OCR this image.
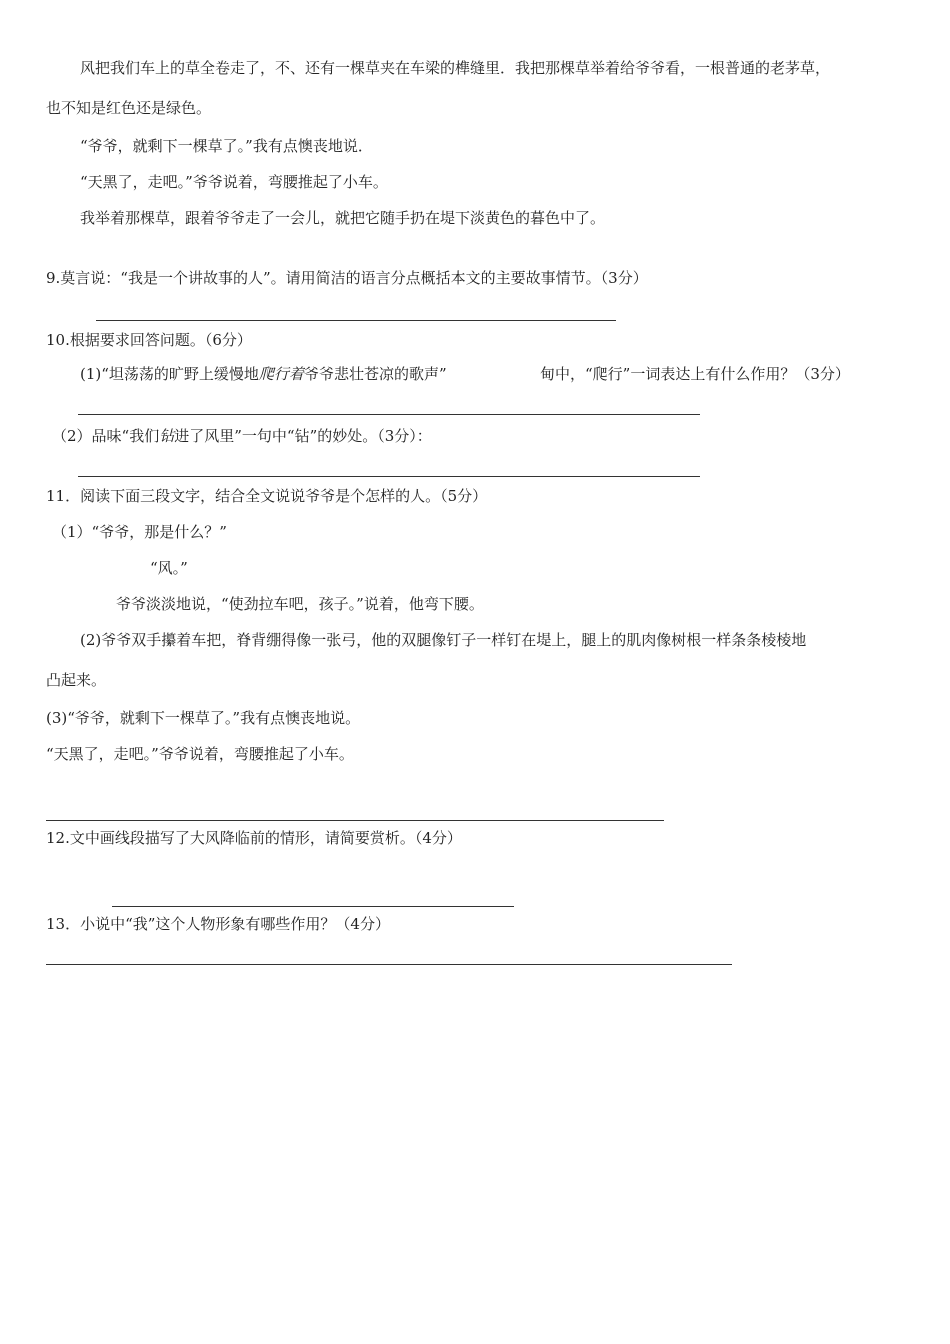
风把我们车上的草全卷走了，不、还有一棵草夹在车梁的榫缝里．我把那棵草举着给爷爷看，一根普通的老茅草，
也不知是红色还是绿色。
“爷爷，就剩下一棵草了。”我有点懊丧地说．
“天黑了，走吧。”爷爷说着，弯腰推起了小车。
我举着那棵草，跟着爷爷走了一会儿，就把它随手扔在堤下淡黄色的暮色中了。
9.莫言说：“我是一个讲故事的人”。请用简洁的语言分点概括本文的主要故事情节。（3分）
10.根据要求回答问题。（6分）
(1)“坦荡荡的旷野上缓慢地爬行着爷爷悲壮苍凉的歌声”	甸中，“爬行”一词表达上有什么作用？（3分）
（2）品味“我们钻进了风里”一句中“钻”的妙处。（3分）：
11．阅读下面三段文字，结合全文说说爷爷是个怎样的人。（5分）
（1）“爷爷，那是什么？”
“风。”
爷爷淡淡地说，“使劲拉车吧，孩子。”说着，他弯下腰。
(2)爷爷双手攥着车把，脊背绷得像一张弓，他的双腿像钉子一样钉在堤上，腿上的肌肉像树根一样条条棱棱地
凸起来。
(3)“爷爷，就剩下一棵草了。”我有点懊丧地说。
“天黑了，走吧。”爷爷说着，弯腰推起了小车。
12.文中画线段描写了大风降临前的情形，请简要赏析。（4分）
13．小说中“我”这个人物形象有哪些作用？（4分）
